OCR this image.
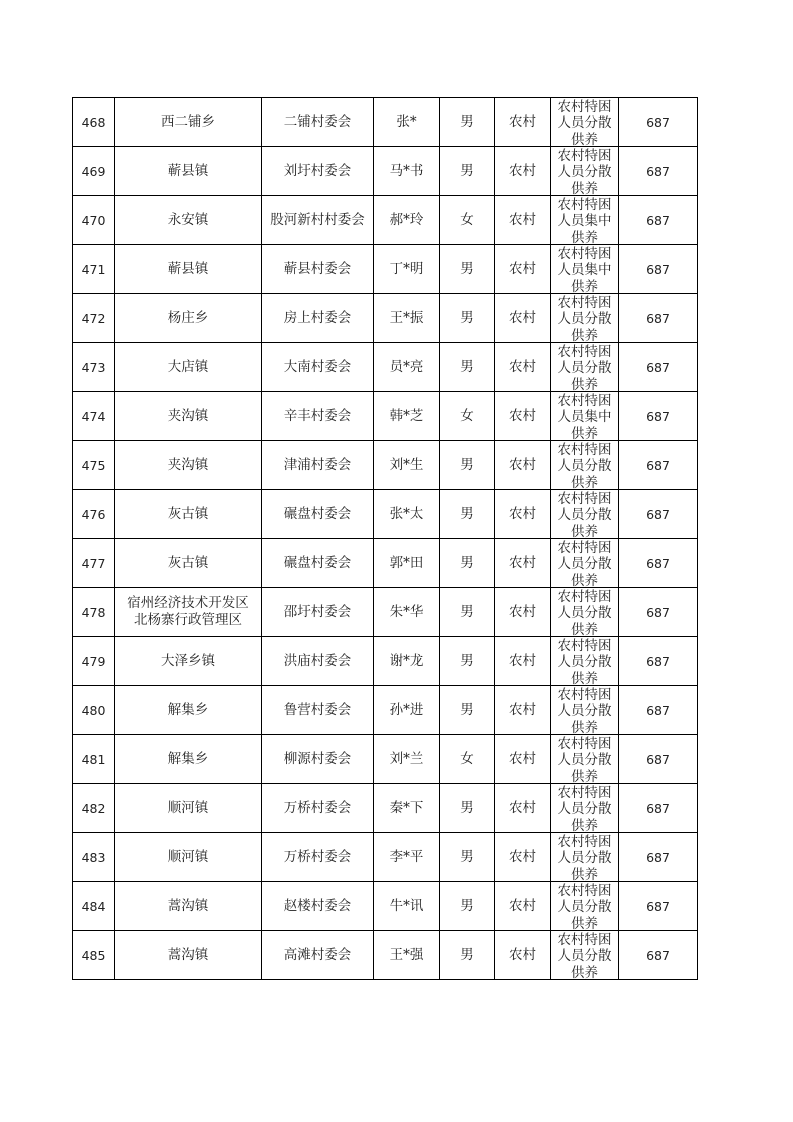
468	西二铺乡	二铺村委会	张*	男	农村	农村特困
人员分散
供养	687
469	蕲县镇	刘圩村委会	马*书	男	农村	农村特困
人员分散
供养	687
470	永安镇	股河新村村委会	郝*玲	女	农村	农村特困
人员集中
供养	687
471	蕲县镇	蕲县村委会	丁*明	男	农村	农村特困
人员集中
供养	687
472	杨庄乡	房上村委会	王*振	男	农村	农村特困
人员分散
供养	687
473	大店镇	大南村委会	员*亮	男	农村	农村特困
人员分散
供养	687
474	夹沟镇	辛丰村委会	韩*芝	女	农村	农村特困
人员集中
供养	687
475	夹沟镇	津浦村委会	刘*生	男	农村	农村特困
人员分散
供养	687
476	灰古镇	碾盘村委会	张*太	男	农村	农村特困
人员分散
供养	687
477	灰古镇	碾盘村委会	郭*田	男	农村	农村特困
人员分散
供养	687
478	宿州经济技术开发区
北杨寨行政管理区	邵圩村委会	朱*华	男	农村	农村特困
人员分散
供养	687
479	大泽乡镇	洪庙村委会	谢*龙	男	农村	农村特困
人员分散
供养	687
480	解集乡	鲁营村委会	孙*进	男	农村	农村特困
人员分散
供养	687
481	解集乡	柳源村委会	刘*兰	女	农村	农村特困
人员分散
供养	687
482	顺河镇	万桥村委会	秦*下	男	农村	农村特困
人员分散
供养	687
483	顺河镇	万桥村委会	李*平	男	农村	农村特困
人员分散
供养	687
484	蒿沟镇	赵楼村委会	牛*讯	男	农村	农村特困
人员分散
供养	687
485	蒿沟镇	高滩村委会	王*强	男	农村	农村特困
人员分散
供养	687
